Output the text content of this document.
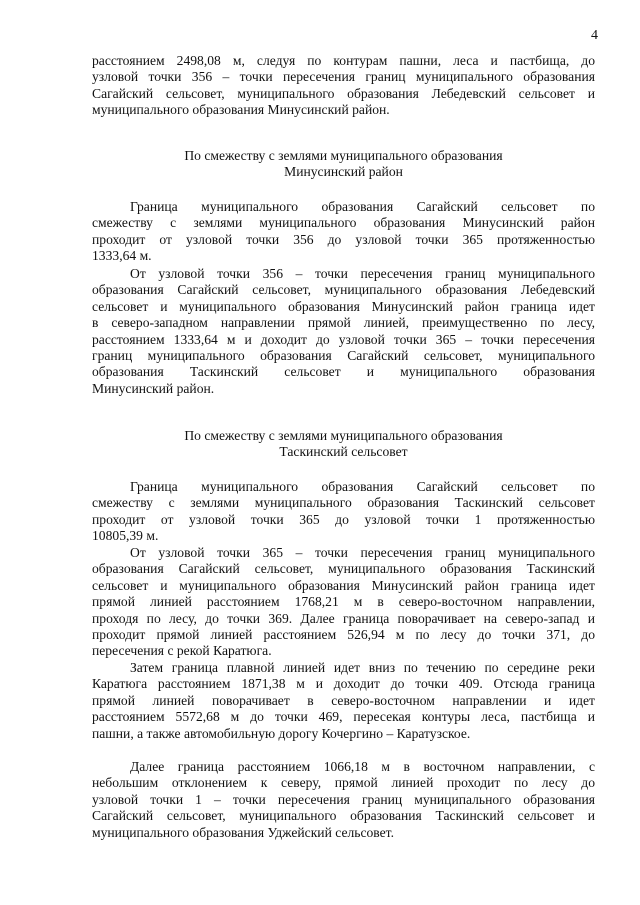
4
расстоянием 2498,08 м, следуя по контурам пашни, леса и пастбища, до
узловой точки 356 – точки пересечения границ муниципального образования
Сагайский сельсовет, муниципального образования Лебедевский сельсовет и
муниципального образования Минусинский район.
По смежеству с землями муниципального образования
Минусинский район
Граница муниципального образования Сагайский сельсовет по
смежеству с землями муниципального образования Минусинский район
проходит от узловой точки 356 до узловой точки 365 протяженностью
1333,64 м.
От узловой точки 356 – точки пересечения границ муниципального
образования Сагайский сельсовет, муниципального образования Лебедевский
сельсовет и муниципального образования Минусинский район граница идет
в северо-западном направлении прямой линией, преимущественно по лесу,
расстоянием 1333,64 м и доходит до узловой точки 365 – точки пересечения
границ муниципального образования Сагайский сельсовет, муниципального
образования Таскинский сельсовет и муниципального образования
Минусинский район.
По смежеству с землями муниципального образования
Таскинский сельсовет
Граница муниципального образования Сагайский сельсовет по
смежеству с землями муниципального образования Таскинский сельсовет
проходит от узловой точки 365 до узловой точки 1 протяженностью
10805,39 м.
От узловой точки 365 – точки пересечения границ муниципального
образования Сагайский сельсовет, муниципального образования Таскинский
сельсовет и муниципального образования Минусинский район граница идет
прямой линией расстоянием 1768,21 м в северо-восточном направлении,
проходя по лесу, до точки 369. Далее граница поворачивает на северо-запад и
проходит прямой линией расстоянием 526,94 м по лесу до точки 371, до
пересечения с рекой Каратюга.
Затем граница плавной линией идет вниз по течению по середине реки
Каратюга расстоянием 1871,38 м и доходит до точки 409. Отсюда граница
прямой линией поворачивает в северо-восточном направлении и идет
расстоянием 5572,68 м до точки 469, пересекая контуры леса, пастбища и
пашни, а также автомобильную дорогу Кочергино – Каратузское.
Далее граница расстоянием 1066,18 м в восточном направлении, с
небольшим отклонением к северу, прямой линией проходит по лесу до
узловой точки 1 – точки пересечения границ муниципального образования
Сагайский сельсовет, муниципального образования Таскинский сельсовет и
муниципального образования Уджейский сельсовет.
